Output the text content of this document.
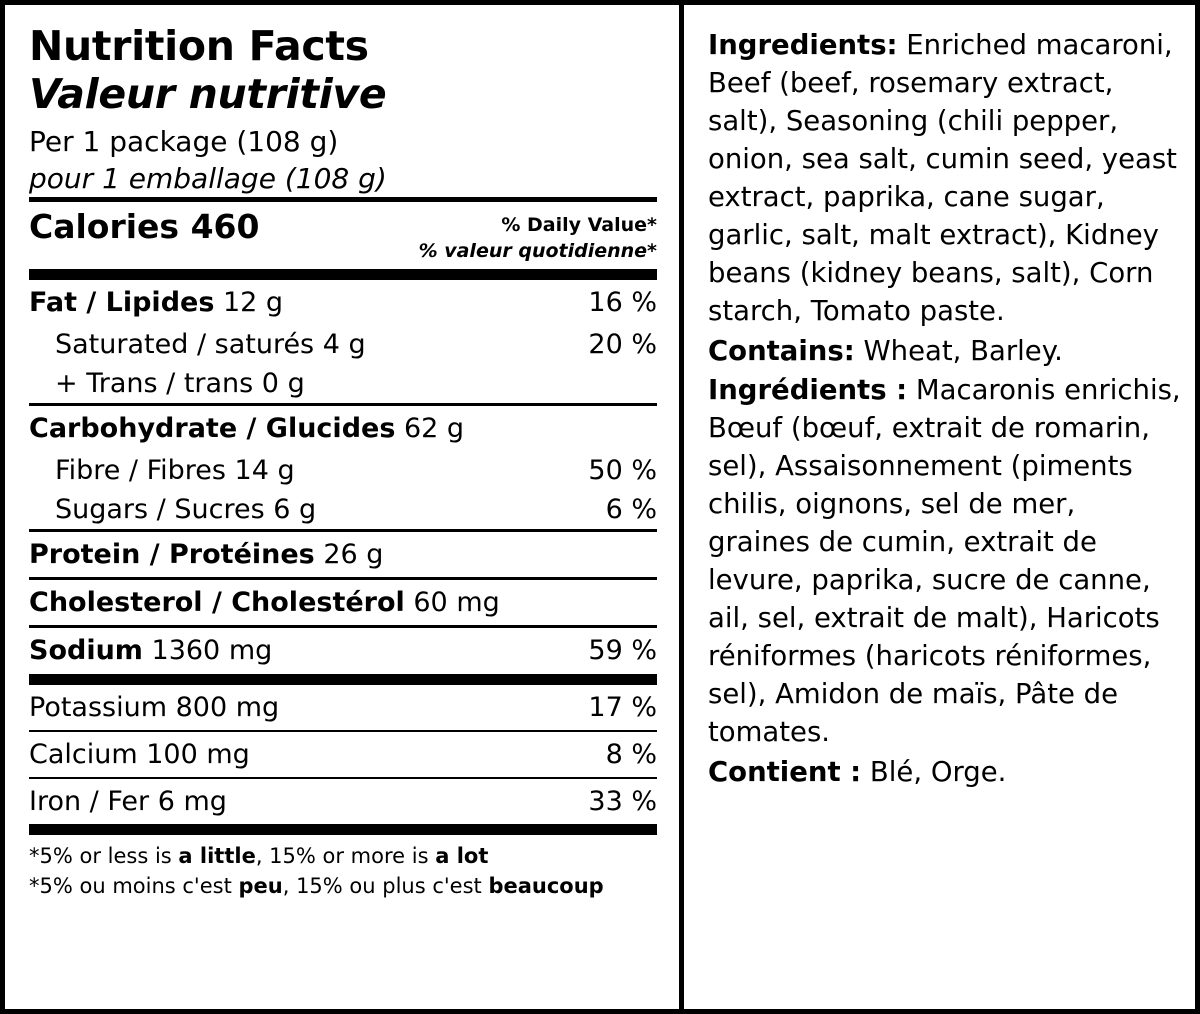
Nutrition Facts
Valeur nutritive
Per 1 package (108 g)
pour 1 emballage (108 g)
Calories 460	% Daily Value*
% valeur quotidienne*
Fat / Lipides 12 g	16 %
Saturated / saturés 4 g	20 %
+ Trans / trans 0 g
Carbohydrate / Glucides 62 g
Fibre / Fibres 14 g	50 %
Sugars / Sucres 6 g	6 %
Protein / Protéines 26 g
Cholesterol / Cholestérol 60 mg
Sodium 1360 mg	59 %
Potassium 800 mg	17 %
Calcium 100 mg	8 %
Iron / Fer 6 mg	33 %
*5% or less is a little, 15% or more is a lot
*5% ou moins c'est peu, 15% ou plus c'est beaucoup

Ingredients: Enriched macaroni, Beef (beef, rosemary extract, salt), Seasoning (chili pepper, onion, sea salt, cumin seed, yeast extract, paprika, cane sugar, garlic, salt, malt extract), Kidney beans (kidney beans, salt), Corn starch, Tomato paste.

Contains: Wheat, Barley.

Ingrédients : Macaronis enrichis, Bœuf (bœuf, extrait de romarin, sel), Assaisonnement (piments chilis, oignons, sel de mer, graines de cumin, extrait de levure, paprika, sucre de canne, ail, sel, extrait de malt), Haricots réniformes (haricots réniformes, sel), Amidon de maïs, Pâte de tomates.

Contient : Blé, Orge.
